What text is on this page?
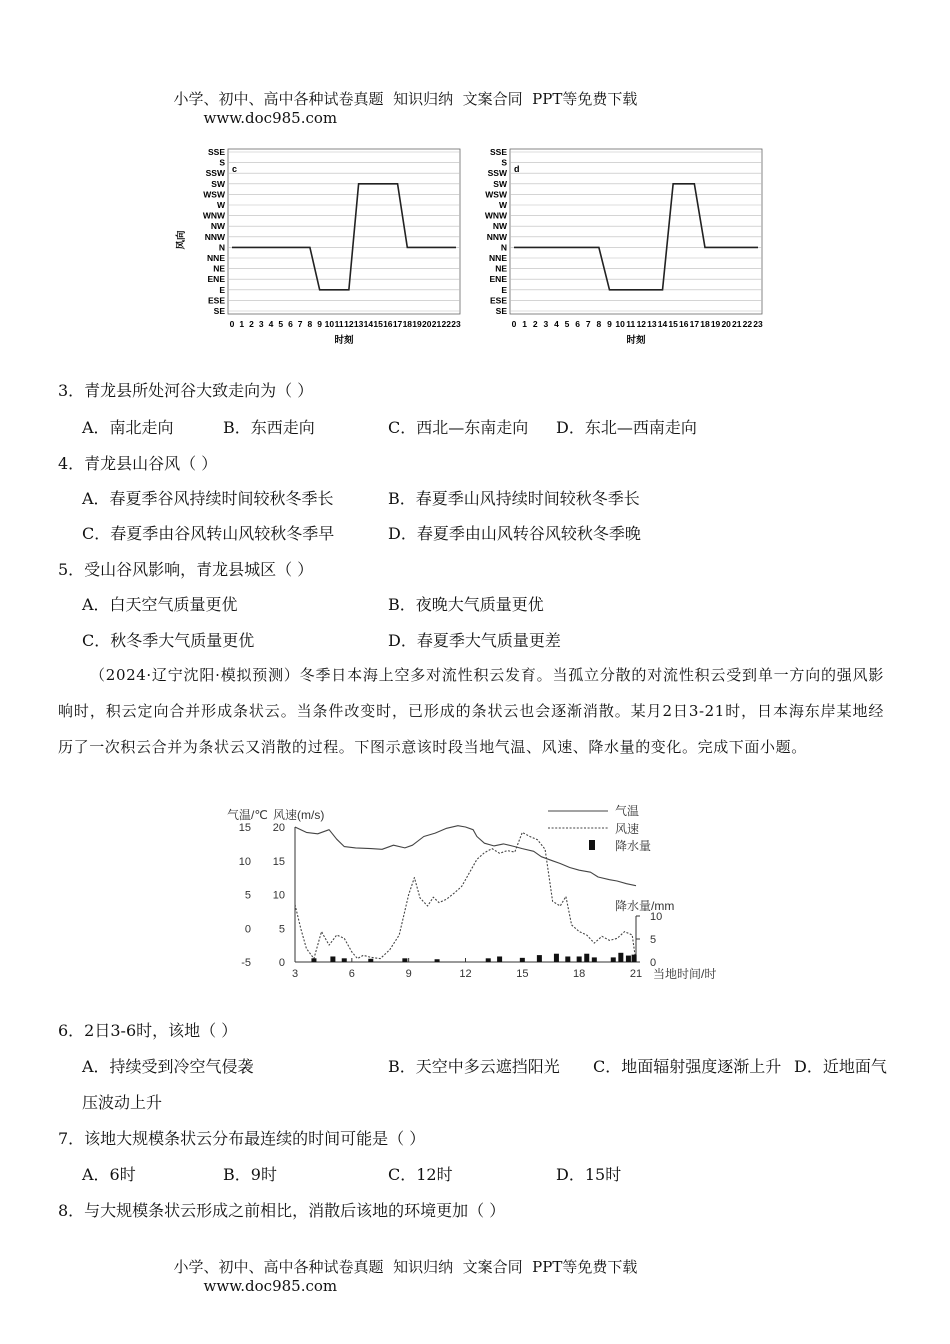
小学、初中、高中各种试卷真题  知识归纳  文案合同  PPT等免费下载
www.doc985.com

SSE
S
SSW
SW
WSW
W
WNW
NW
NNW
N
NNE
NE
ENE
E
ESE
SE
0 1 2 3 4 5 6 7 8 9 10 11 12 13 14 15 16 17 18 19 20 21 22 23
c
时刻
SSE
S
SSW
SW
WSW
W
WNW
NW
NNW
N
NNE
NE
ENE
E
ESE
SE
0 1 2 3 4 5 6 7 8 9 10 11 12 13 14 15 16 17 18 19 20 21 22 23
d
时刻
风向
3．青龙县所处河谷大致走向为（ ）
A．南北走向	B．东西走向	C．西北—东南走向 D．东北—西南走向
4．青龙县山谷风（ ）
A．春夏季谷风持续时间较秋冬季长	B．春夏季山风持续时间较秋冬季长
C．春夏季由谷风转山风较秋冬季早	D．春夏季由山风转谷风较秋冬季晚
5．受山谷风影响，青龙县城区（ ）
A．白天空气质量更优	B．夜晚大气质量更优
C．秋冬季大气质量更优	D．春夏季大气质量更差
（2024·辽宁沈阳·模拟预测）冬季日本海上空多对流性积云发育。当孤立分散的对流性积云受到单一方向的强风影响时，积云定向合并形成条状云。当条件改变时，已形成的条状云也会逐渐消散。某月2日3-21时，日本海东岸某地经历了一次积云合并为条状云又消散的过程。下图示意该时段当地气温、风速、降水量的变化。完成下面小题。
气温/℃ 风速(m/s)
15
10
5
0
-5
20
15
10
5
0
3	6	9	12	15	18	21 当地时间/时
降水量/mm
10
5
0
气温
风速
降水量
6．2日3-6时，该地（ ）
A．持续受到冷空气侵袭	B．天空中多云遮挡阳光 C．地面辐射强度逐渐上升 D．近地面气
压波动上升
7．该地大规模条状云分布最连续的时间可能是（ ）
A．6时	B．9时	C．12时	D．15时
8．与大规模条状云形成之前相比，消散后该地的环境更加（ ）

小学、初中、高中各种试卷真题  知识归纳  文案合同  PPT等免费下载
www.doc985.com
